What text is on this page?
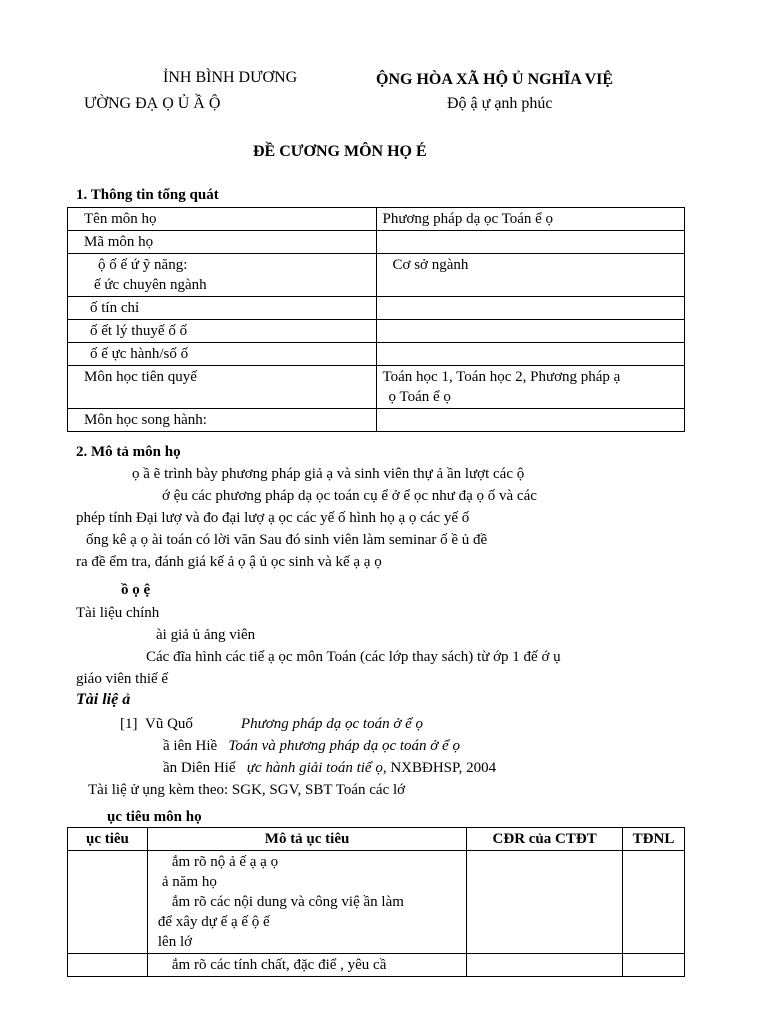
ỈNH BÌNH DƯƠNG
ƯỜNG ĐẠ Ọ Ủ Ầ Ộ
ỘNG HÒA XÃ HỘ Ủ NGHĨA VIỆ
Độ ậ ự ạnh phúc
ĐỀ CƯƠNG MÔN HỌ É
1. Thông tin tổng quát
Tên môn họ	Phương pháp dạ ọc Toán ể ọ
Mã môn họ	

ộ ố ế ứ ỹ năng:
ế ức chuyên ngành	Cơ sở ngành
ố tín chỉ	
ố ết lý thuyế ố ố	
ố ế ực hành/số ố	
Môn học tiên quyế	Toán học 1, Toán học 2, Phương pháp ạ
ọ Toán ể ọ

Môn học song hành:	
2. Mô tả môn họ
ọ ầ ẽ trình bày phương pháp giả ạ và sinh viên thự ả ần lượt các ộ
ớ ệu các phương pháp dạ ọc toán cụ ể ở ể ọc như đạ ọ ố và các
phép tính Đại lượ và đo đại lượ ạ ọc các yế ố hình họ ạ ọ các yế ố
ống kê ạ ọ ài toán có lời văn Sau đó sinh viên làm seminar ố ề ủ đề
ra đề ểm tra, đánh giá kế ả ọ ậ ủ ọc sinh và kế ạ ạ ọ
ồ ọ ệ
Tài liệu chính
ài giả ủ ảng viên
Các đĩa hình các tiế ạ ọc môn Toán (các lớp thay sách) từ ớp 1 đế ớ ụ
giáo viên thiế ế
Tài liệ ả
[1] Vũ Quố	Phương pháp dạ ọc toán ở ể ọ
ầ iên Hiề Toán và phương pháp dạ ọc toán ở ể ọ
ần Diên Hiể ực hành giải toán tiể ọ, NXBĐHSP, 2004
Tài liệ ử ụng kèm theo: SGK, SGV, SBT Toán các lớ
ục tiêu môn họ
ục tiêu	Mô tả ục tiêu	CĐR của CTĐT	TĐNL

	ắm rõ nộ ả ế ạ ạ ọ
ả năm họ
ắm rõ các nội dung và công việ ần làm
để xây dự ế ạ ế ộ ế
lên lớ		

	ắm rõ các tính chất, đặc điể , yêu cầ		
